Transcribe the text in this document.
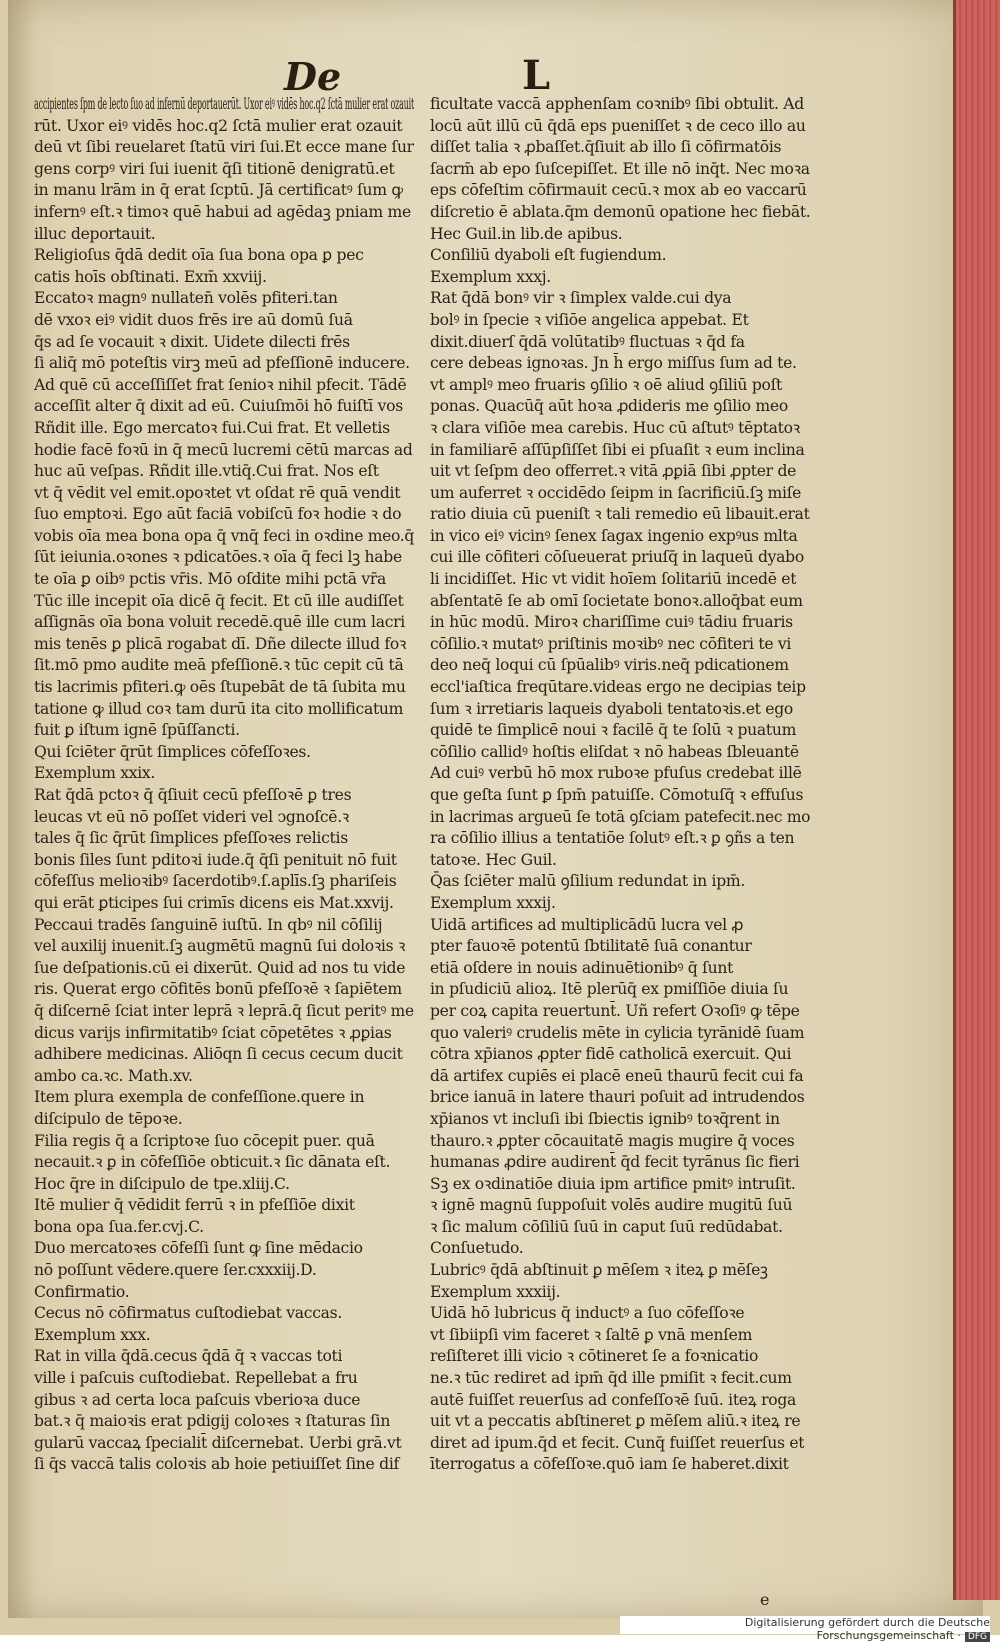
De	L
accipientes ſpm de lecto ſuo ad infernū deportauerūt. Uxor eiꝰ vidēs hoc.q2 ſctā mulier erat ozauit
rūt. Uxor eiꝰ vidēs hoc.q2 ſctā mulier erat ozauit
deū vt ſibi reuelaret ſtatū viri ſui.Et ecce mane ſur
gens corpꝰ viri ſui iuenit q̄ſi titionē denigratū.et
in manu lrām in q̄ erat ſcptū. Jā certificatꝰ ſum ꝙ
infernꝰ eſt.ꝛ timoꝛ quē habui ad agēdaꝫ pniam me
illuc deportauit.
Religioſus q̄dā dedit oīa ſua bona opa ꝑ pec
catis hoīs obſtinati. Exm̄ xxviij.
Eccatoꝛ magnꝰ nullaten̄ volēs pfiteri.tan
dē vxoꝛ eiꝰ vidit duos frēs ire aū domū ſuā
q̄s ad ſe vocauit ꝛ dixit. Uidete dilecti frēs
ſi aliq̄ mō poteſtis virꝫ meū ad pfeſſionē inducere.
Ad quē cū acceſſiſſet frat ſenioꝛ nihil pfecit. Tādē
acceſſit alter q̄ dixit ad eū. Cuiuſmōi hō fuiſtī vos
Rñdit ille. Ego mercatoꝛ fui.Cui frat. Et velletis
hodie facē foꝛū in q̄ mecū lucremi cētū marcas ad
huc aū veſpas. Rñdit ille.vtiq̄.Cui frat. Nos eſt
vt q̄ vēdit vel emit.opoꝛtet vt oſdat rē quā vendit
ſuo emptoꝛi. Ego aūt faciā vobiſcū foꝛ hodie ꝛ do
vobis oīa mea bona opa q̄ vnq̄ feci in oꝛdine meo.q̄
ſūt ieiunia.oꝛones ꝛ pdicatōes.ꝛ oīa q̄ feci lꝫ habe
te oīa ꝑ oibꝰ pctis vr̄is. Mō oſdite mihi pctā vr̄a
Tūc ille incepit oīa dicē q̄ fecit. Et cū ille audiſſet
aſſignās oīa bona voluit recedē.quē ille cum lacri
mis tenēs ꝑ plicā rogabat dī. Dñe dilecte illud foꝛ
ſit.mō pmo audite meā pfeſſionē.ꝛ tūc cepit cū tā
tis lacrimis pfiteri.ꝙ oēs ſtupebāt de tā ſubita mu
tatione ꝙ illud coꝛ tam durū ita cito mollificatum
fuit ꝑ iſtum ignē ſpūſſancti.
Qui ſciēter q̄rūt ſimplices cōfeſſoꝛes.
Exemplum xxix.
Rat q̄dā pctoꝛ q̄ q̄ſiuit cecū pfeſſoꝛē ꝑ tres
leucas vt eū nō poſſet videri vel ↄgnoſcē.ꝛ
tales q̄ ſic q̄rūt ſimplices pfeſſoꝛes relictis
bonis ſiles ſunt pditoꝛi iude.q̄ q̄ſi penituit nō fuit
cōfeſſus melioꝛibꝰ ſacerdotibꝰ.ſ.aplīs.ſꝫ phariſeis
qui erāt ꝑticipes ſui crimīs dicens eis Mat.xxvij.
Peccaui tradēs ſanguinē iuſtū. In qbꝰ nil cōſilij
vel auxilij inuenit.ſꝫ augmētū magnū ſui doloꝛis ꝛ
ſue deſpationis.cū ei dixerūt. Quid ad nos tu vide
ris. Querat ergo cōfitēs bonū pfeſſoꝛē ꝛ ſapiētem
q̄ diſcernē ſciat inter leprā ꝛ leprā.q̄ ſicut peritꝰ me
dicus varijs infirmitatibꝰ ſciat cōpetētes ꝛ ꝓꝑias
adhibere medicinas. Aliōqn ſi cecus cecum ducit
ambo ca.ꝛc. Math.xv.
Item plura exempla de confeſſione.quere in
diſcipulo de tēpoꝛe.
Filia regis q̄ a ſcriptoꝛe ſuo cōcepit puer. quā
necauit.ꝛ ꝑ in cōfeſſiōe obticuit.ꝛ ſic dānata eſt.
Hoc q̄re in diſcipulo de tpe.xliij.C.
Itē mulier q̄ vēdidit ferrū ꝛ in pfeſſiōe dixit
bona opa ſua.fer.cvj.C.
Duo mercatoꝛes cōfeſſi ſunt ꝙ ſine mēdacio
nō poſſunt vēdere.quere ſer.cxxxiij.D.
Confirmatio.
Cecus nō cōfirmatus cuſtodiebat vaccas.
Exemplum xxx.
Rat in villa q̄dā.cecus q̄dā q̄ ꝛ vaccas toti
ville i paſcuis cuſtodiebat. Repellebat a fru
gibus ꝛ ad certa loca paſcuis vberioꝛa duce
bat.ꝛ q̄ maioꝛis erat pdigij coloꝛes ꝛ ſtaturas ſin
gularū vaccaꝝ ſpecialit̄ diſcernebat. Uerbi grā.vt
ſi q̄s vaccā talis coloꝛis ab hoie petiuiſſet ſine dif
ficultate vaccā apphenſam coꝛnibꝰ ſibi obtulit. Ad
locū aūt illū cū q̄dā eps pueniſſet ꝛ de ceco illo au
diſſet talia ꝛ ꝓbaſſet.q̄ſiuit ab illo ſi cōfirmatōis
ſacrm̄ ab epo ſuſcepiſſet. Et ille nō inq̄t. Nec moꝛa
eps cōfeſtim cōfirmauit cecū.ꝛ mox ab eo vaccarū
diſcretio ē ablata.q̄m demonū opatione hec fiebāt.
Hec Guil.in lib.de apibus.
Conſiliū dyaboli eſt fugiendum.
Exemplum xxxj.
Rat q̄dā bonꝰ vir ꝛ ſimplex valde.cui dya
bolꝰ in ſpecie ꝛ viſiōe angelica appebat. Et
dixit.diuerſ q̄dā volūtatibꝰ fluctuas ꝛ q̄d fa
cere debeas ignoꝛas. Jn h̄ ergo miſſus ſum ad te.
vt amplꝰ meo fruaris ꝯſilio ꝛ oē aliud ꝯſiliū poſt
ponas. Quacūq̄ aūt hoꝛa ꝓdideris me ꝯſilio meo
ꝛ clara viſiōe mea carebis. Huc cū aſtutꝰ tēptatoꝛ
in familiarē aſſūpſiſſet ſibi ei pſuaſit ꝛ eum inclina
uit vt ſeſpm deo offerret.ꝛ vitā ꝓꝑiā ſibi ꝓpter de
um auferret ꝛ occidēdo ſeipm in ſacrificiū.ſꝫ miſe
ratio diuia cū pueniſt ꝛ tali remedio eū libauit.erat
in vico eiꝰ vicinꝰ ſenex ſagax ingenio expꝰus mlta
cui ille cōfiteri cōſueuerat priuſq̄ in laqueū dyabo
li incidiſſet. Hic vt vidit hoīem ſolitariū incedē et
abſentatē ſe ab omī ſocietate bonoꝛ.alloq̄bat eum
in hūc modū. Miroꝛ chariſſime cuiꝰ tādiu fruaris
cōſilio.ꝛ mutatꝰ priſtinis moꝛibꝰ nec cōfiteri te vi
deo neq̄ loqui cū ſpūalibꝰ viris.neq̄ pdicationem
eccl'iaſtica freqūtare.videas ergo ne decipias teip
ſum ꝛ irretiaris laqueis dyaboli tentatoꝛis.et ego
quidē te ſimplicē noui ꝛ facilē q̄ te ſolū ꝛ puatum
cōſilio callidꝰ hoſtis eliſdat ꝛ nō habeas ſbleuantē
Ad cuiꝰ verbū hō mox ruboꝛe pfuſus credebat illē
que geſta ſunt ꝑ ſpm̄ patuiſſe. Cōmotuſq̄ ꝛ effuſus
in lacrimas argueū ſe totā ꝯſciam patefecit.nec mo
ra cōſilio illius a tentatiōe ſolutꝰ eſt.ꝛ ꝑ ꝯñs a ten
tatoꝛe. Hec Guil.
Q̄as ſciēter malū ꝯſilium redundat in ipm̄.
Exemplum xxxij.
Uidā artifices ad multiplicādū lucra vel ꝓ
pter fauoꝛē potentū ſbtilitatē ſuā conantur
etiā oſdere in nouis adinuētionibꝰ q̄ ſunt
in pſudiciū alioꝝ. Itē plerūq̄ ex pmiſſiōe diuia ſu
per coꝝ capita reuertunt̄. Uñ refert Oꝛoſiꝰ ꝙ tēpe
quo valeriꝰ crudelis mēte in cylicia tyrānidē ſuam
cōtra xp̄ianos ꝓpter fidē catholicā exercuit. Qui
dā artifex cupiēs ei placē eneū thaurū fecit cui fa
brice ianuā in latere thauri poſuit ad intrudendos
xp̄ianos vt incluſi ibi ſbiectis ignibꝰ toꝛq̄rent in
thauro.ꝛ ꝓpter cōcauitatē magis mugire q̄ voces
humanas ꝓdire audirent̄ q̄d fecit tyrānus ſic fieri
Sꝫ ex oꝛdinatiōe diuia ipm artifice pmitꝰ intruſit.
ꝛ ignē magnū ſuppoſuit volēs audire mugitū ſuū
ꝛ ſic malum cōſiliū ſuū in caput ſuū redūdabat.
Conſuetudo.
Lubricꝰ q̄dā abſtinuit ꝑ mēſem ꝛ iteꝝ ꝑ mēſeꝫ
Exemplum xxxiij.
Uidā hō lubricus q̄ inductꝰ a ſuo cōfeſſoꝛe
vt ſibiipſi vim faceret ꝛ ſaltē ꝑ vnā menſem
reſiſteret illi vicio ꝛ cōtineret ſe a foꝛnicatio
ne.ꝛ tūc rediret ad ipm̄ q̄d ille pmiſit ꝛ fecit.cum
autē fuiſſet reuerſus ad confeſſoꝛē ſuū. iteꝝ roga
uit vt a peccatis abſtineret ꝑ mēſem aliū.ꝛ iteꝝ re
diret ad ipum.q̄d et fecit. Cunq̄ fuiſſet reuerſus et
īterrogatus a cōfeſſoꝛe.quō iam ſe haberet.dixit
e
Digitalisierung gefördert durch die Deutsche Forschungsgemeinschaft · DFG
